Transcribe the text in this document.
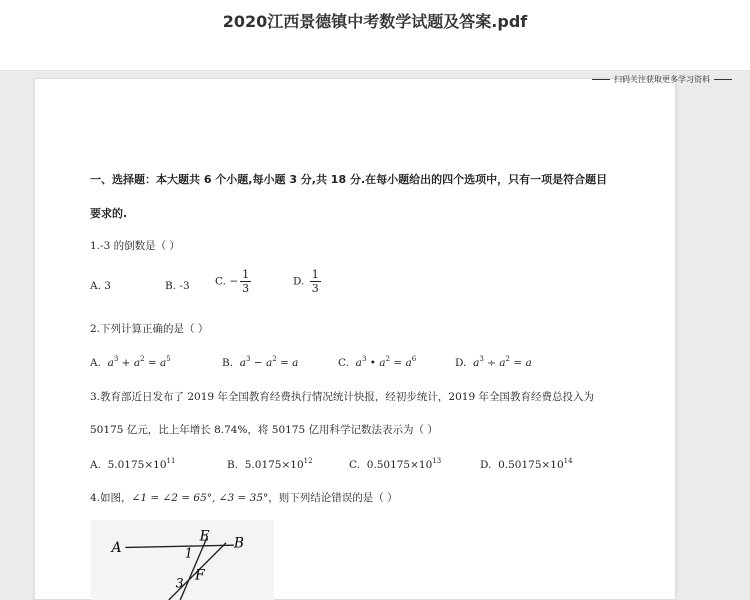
2020江西景德镇中考数学试题及答案.pdf
扫码关注获取更多学习资料
一、选择题：本大题共 6 个小题,每小题 3 分,共 18 分.在每小题给出的四个选项中，只有一项是符合题目
要求的.
1.-3 的倒数是（ ）
A. 3	B. -3 C. − $\frac{1}{3}$	D. $\frac{1}{3}$
2.下列计算正确的是（ ）
A.  $a^3 + a^2 = a^5$	B.  $a^3 - a^2 = a$	C.  $a^3$ • $a^2 = a^6$	D.  $a^3 \div a^2 = a$
3.教育部近日发布了 2019 年全国教育经费执行情况统计快报，经初步统计，2019 年全国教育经费总投入为
50175 亿元，比上年增长 8.74%，将 50175 亿用科学记数法表示为（ ）
A. $5.0175\times 10^{11}$	B. $5.0175\times 10^{12}$	C. $0.50175\times 10^{13}$	D. $0.50175\times 10^{14}$
4.如图，∠1 = ∠2 = 65°, ∠3 = 35°，则下列结论错误的是（ ）
A	B
E
F
1
3
